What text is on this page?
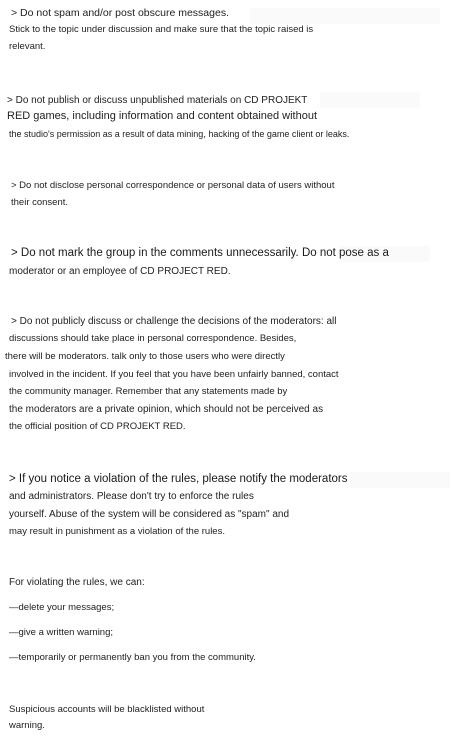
> Do not spam and/or post obscure messages.
Stick to the topic under discussion and make sure that the topic raised is
relevant.
> Do not publish or discuss unpublished materials on CD PROJEKT
RED games, including information and content obtained without
the studio's permission as a result of data mining, hacking of the game client or leaks.
> Do not disclose personal correspondence or personal data of users without
their consent.
> Do not mark the group in the comments unnecessarily. Do not pose as a
moderator or an employee of CD PROJECT RED.
> Do not publicly discuss or challenge the decisions of the moderators: all
discussions should take place in personal correspondence. Besides,
there will be moderators. talk only to those users who were directly
involved in the incident. If you feel that you have been unfairly banned, contact
the community manager. Remember that any statements made by
the moderators are a private opinion, which should not be perceived as
the official position of CD PROJEKT RED.
> If you notice a violation of the rules, please notify the moderators
and administrators. Please don't try to enforce the rules
yourself. Abuse of the system will be considered as "spam" and
may result in punishment as a violation of the rules.
For violating the rules, we can:
—delete your messages;
—give a written warning;
—temporarily or permanently ban you from the community.
Suspicious accounts will be blacklisted without
warning.
